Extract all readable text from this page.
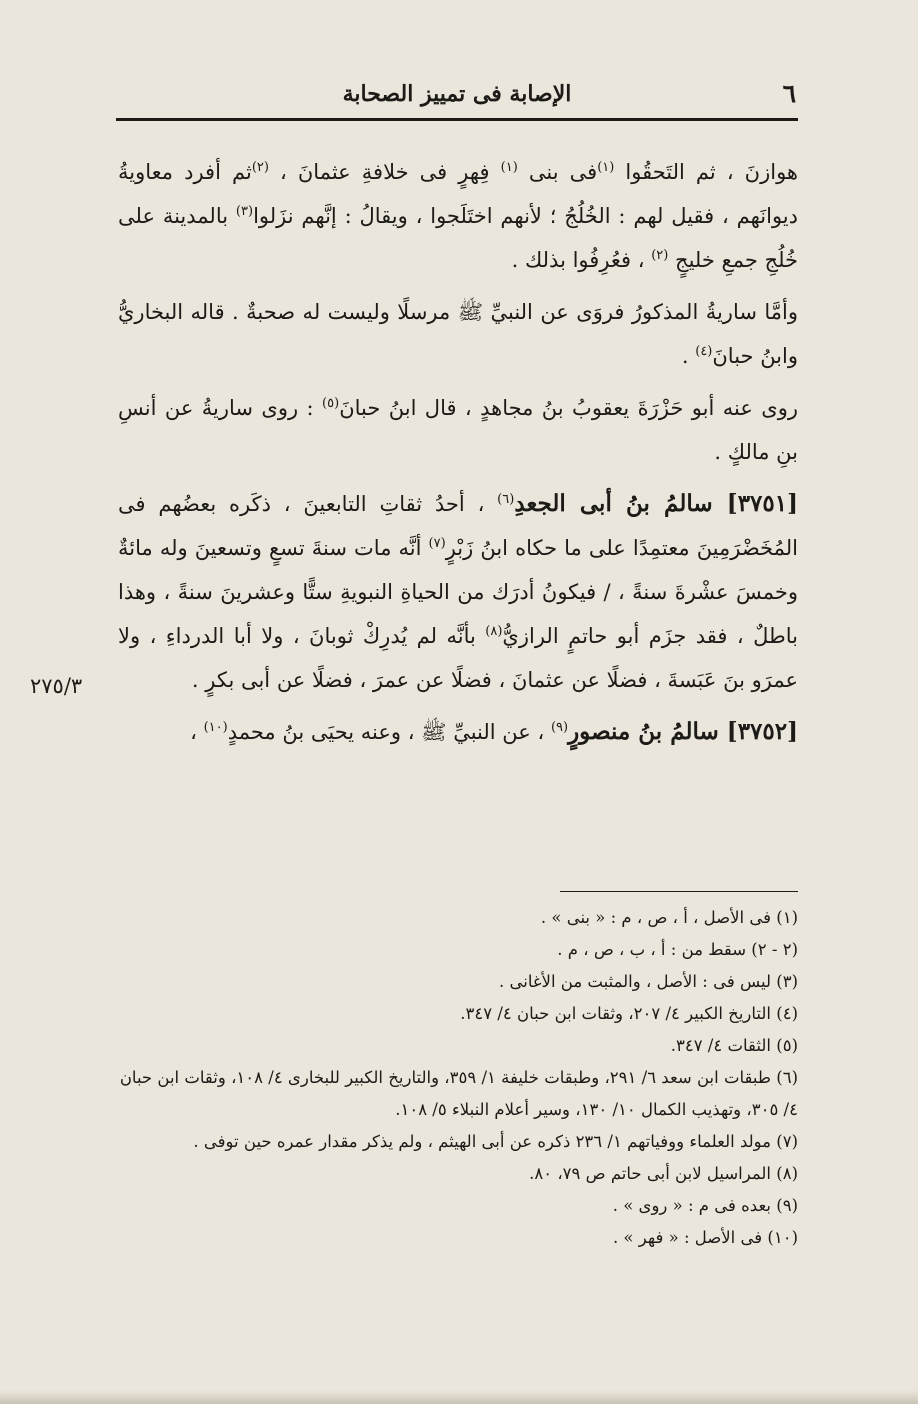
٦
الإصابة فى تمييز الصحابة

هوازنَ ، ثم التَحقُوا $^{(١)}$فى بنى $^{(١)}$ فِهرٍ فى خلافةِ عثمانَ ، $^{(٢)}$ثم أفرد معاويةُ ديوانَهم ، فقيل لهم : الخُلُجُ ؛ لأنهم اختَلَجوا ، ويقالُ : إنَّهم نزَلوا$^{(٣)}$ بالمدينة على خُلُجِ جمعِ خليجٍ $^{(٢)}$ ، فعُرِفُوا بذلك .

وأمَّا ساريةُ المذكورُ فروَى عن النبيِّ ﷺ مرسلًا وليست له صحبةٌ . قاله البخاريُّ وابنُ حبانَ$^{(٤)}$ .

روى عنه أبو حَزْرَةَ يعقوبُ بنُ مجاهدٍ ، قال ابنُ حبانَ$^{(٥)}$ : روى ساريةُ عن أنسِ بنِ مالكٍ .

[٣٧٥١] سالمُ بنُ أبى الجعدِ$^{(٦)}$ ، أحدُ ثقاتِ التابعينَ ، ذكَره بعضُهم فى المُخَضْرَمِينَ معتمِدًا على ما حكاه ابنُ زَبْرٍ$^{(٧)}$ أنَّه مات سنةَ تسعٍ وتسعينَ وله مائةٌ وخمسَ عشْرةَ سنةً ، / فيكونُ أدرَك من الحياةِ النبويةِ ستًّا وعشرينَ سنةً ، وهذا باطلٌ ، فقد جزَم أبو حاتمٍ الرازيُّ$^{(٨)}$ بأنَّه لم يُدرِكْ ثوبانَ ، ولا أبا الدرداءِ ، ولا عمرَو بنَ عَبَسةَ ، فضلًا عن عثمانَ ، فضلًا عن عمرَ ، فضلًا عن أبى بكرٍ .

[٣٧٥٢] سالمُ بنُ منصورٍ$^{(٩)}$ ، عن النبيِّ ﷺ ، وعنه يحيَى بنُ محمدٍ$^{(١٠)}$ ،

٢٧٥/٣

(١) فى الأصل ، أ ، ص ، م : « بنى » .

(٢ - ٢) سقط من : أ ، ب ، ص ، م .

(٣) ليس فى : الأصل ، والمثبت من الأغانى .

(٤) التاريخ الكبير ٤/ ٢٠٧، وثقات ابن حبان ٤/ ٣٤٧.

(٥) الثقات ٤/ ٣٤٧.

(٦) طبقات ابن سعد ٦/ ٢٩١، وطبقات خليفة ١/ ٣٥٩، والتاريخ الكبير للبخارى ٤/ ١٠٨، وثقات ابن حبان ٤/ ٣٠٥، وتهذيب الكمال ١٠/ ١٣٠، وسير أعلام النبلاء ٥/ ١٠٨.

(٧) مولد العلماء ووفياتهم ١/ ٢٣٦ ذكره عن أبى الهيثم ، ولم يذكر مقدار عمره حين توفى .

(٨) المراسيل لابن أبى حاتم ص ٧٩، ٨٠.

(٩) بعده فى م : « روى » .

(١٠) فى الأصل : « فهر » .
